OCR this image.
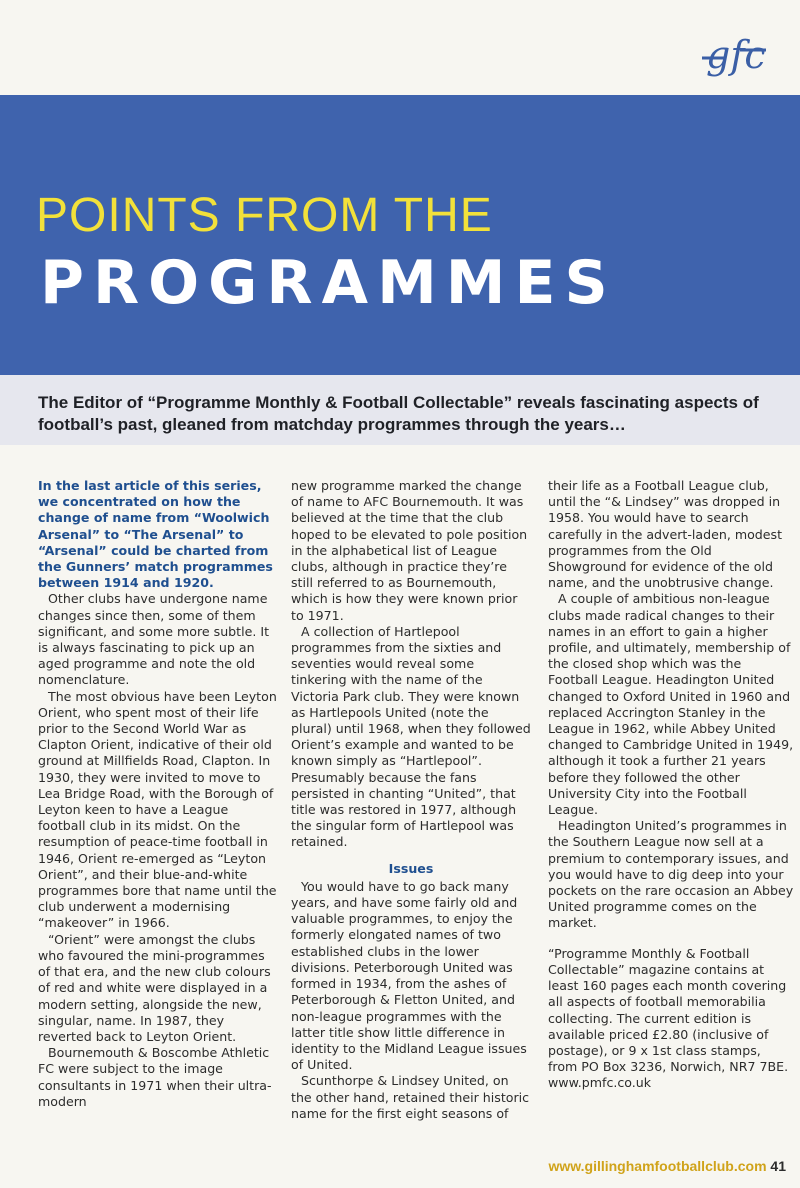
gfc
POINTS FROM THE
PROGRAMMES
The Editor of “Programme Monthly & Football Collectable” reveals fascinating aspects of football’s past, gleaned from matchday programmes through the years…

In the last article of this series, we concentrated on how the change of name from “Woolwich Arsenal” to “The Arsenal” to “Arsenal” could be charted from the Gunners’ match programmes between 1914 and 1920.

Other clubs have undergone name changes since then, some of them significant, and some more subtle. It is always fascinating to pick up an aged programme and note the old nomenclature.

The most obvious have been Leyton Orient, who spent most of their life prior to the Second World War as Clapton Orient, indicative of their old ground at Millfields Road, Clapton. In 1930, they were invited to move to Lea Bridge Road, with the Borough of Leyton keen to have a League football club in its midst. On the resumption of peace-time football in 1946, Orient re-emerged as “Leyton Orient”, and their blue-and-white programmes bore that name until the club underwent a modernising “makeover” in 1966.

“Orient” were amongst the clubs who favoured the mini-programmes of that era, and the new club colours of red and white were displayed in a modern setting, alongside the new, singular, name. In 1987, they reverted back to Leyton Orient.

Bournemouth & Boscombe Athletic FC were subject to the image consultants in 1971 when their ultra-modern

new programme marked the change of name to AFC Bournemouth. It was believed at the time that the club hoped to be elevated to pole position in the alphabetical list of League clubs, although in practice they’re still referred to as Bournemouth, which is how they were known prior to 1971.

A collection of Hartlepool programmes from the sixties and seventies would reveal some tinkering with the name of the Victoria Park club. They were known as Hartlepools United (note the plural) until 1968, when they followed Orient’s example and wanted to be known simply as “Hartlepool”. Presumably because the fans persisted in chanting “United”, that title was restored in 1977, although the singular form of Hartlepool was retained.

Issues

You would have to go back many years, and have some fairly old and valuable programmes, to enjoy the formerly elongated names of two established clubs in the lower divisions. Peterborough United was formed in 1934, from the ashes of Peterborough & Fletton United, and non-league programmes with the latter title show little difference in identity to the Midland League issues of United.

Scunthorpe & Lindsey United, on the other hand, retained their historic name for the first eight seasons of

their life as a Football League club, until the “& Lindsey” was dropped in 1958. You would have to search carefully in the advert-laden, modest programmes from the Old Showground for evidence of the old name, and the unobtrusive change.

A couple of ambitious non-league clubs made radical changes to their names in an effort to gain a higher profile, and ultimately, membership of the closed shop which was the Football League. Headington United changed to Oxford United in 1960 and replaced Accrington Stanley in the League in 1962, while Abbey United changed to Cambridge United in 1949, although it took a further 21 years before they followed the other University City into the Football League.

Headington United’s programmes in the Southern League now sell at a premium to contemporary issues, and you would have to dig deep into your pockets on the rare occasion an Abbey United programme comes on the market.

“Programme Monthly & Football Collectable” magazine contains at least 160 pages each month covering all aspects of football memorabilia collecting. The current edition is available priced £2.80 (inclusive of postage), or 9 x 1st class stamps, from PO Box 3236, Norwich, NR7 7BE. www.pmfc.co.uk

www.gillinghamfootballclub.com 41
